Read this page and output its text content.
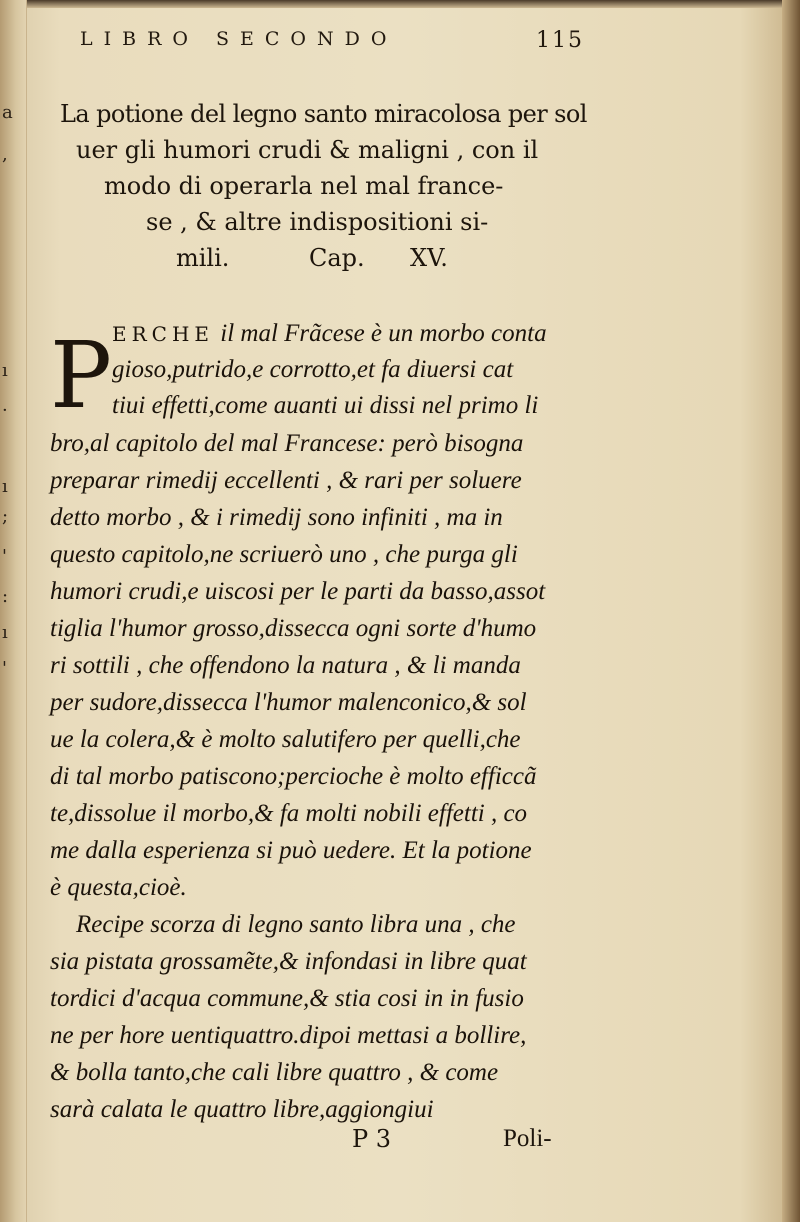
a
,
ı
·
ı
;
'
:
ı
'
LIBRO SECONDO	115
La potione del legno santo miracolosa per sol
uer gli humori crudi & maligni , con il
modo di operarla nel mal france-
se , & altre indispositioni si-
mili.	Cap. XV.
P ERCHE il mal Frãcese è un morbo conta
gioso,putrido,e corrotto,et fa diuersi cat
tiui effetti,come auanti ui dissi nel primo li
bro,al capitolo del mal Francese: però bisogna
preparar rimedij eccellenti , & rari per soluere
detto morbo , & i rimedij sono infiniti , ma in
questo capitolo,ne scriuerò uno , che purga gli
humori crudi,e uiscosi per le parti da basso,assot
tiglia l'humor grosso,dissecca ogni sorte d'humo
ri sottili , che offendono la natura , & li manda
per sudore,dissecca l'humor malenconico,& sol
ue la colera,& è molto salutifero per quelli,che
di tal morbo patiscono;percioche è molto efficcã
te,dissolue il morbo,& fa molti nobili effetti , co
me dalla esperienza si può uedere. Et la potione
è questa,cioè.
Recipe scorza di legno santo libra una , che
sia pistata grossamẽte,& infondasi in libre quat
tordici d'acqua commune,& stia cosi in in fusio
ne per hore uentiquattro.dipoi mettasi a bollire,
& bolla tanto,che cali libre quattro , & come
sarà calata le quattro libre,aggiongiui
P 3	Poli-
